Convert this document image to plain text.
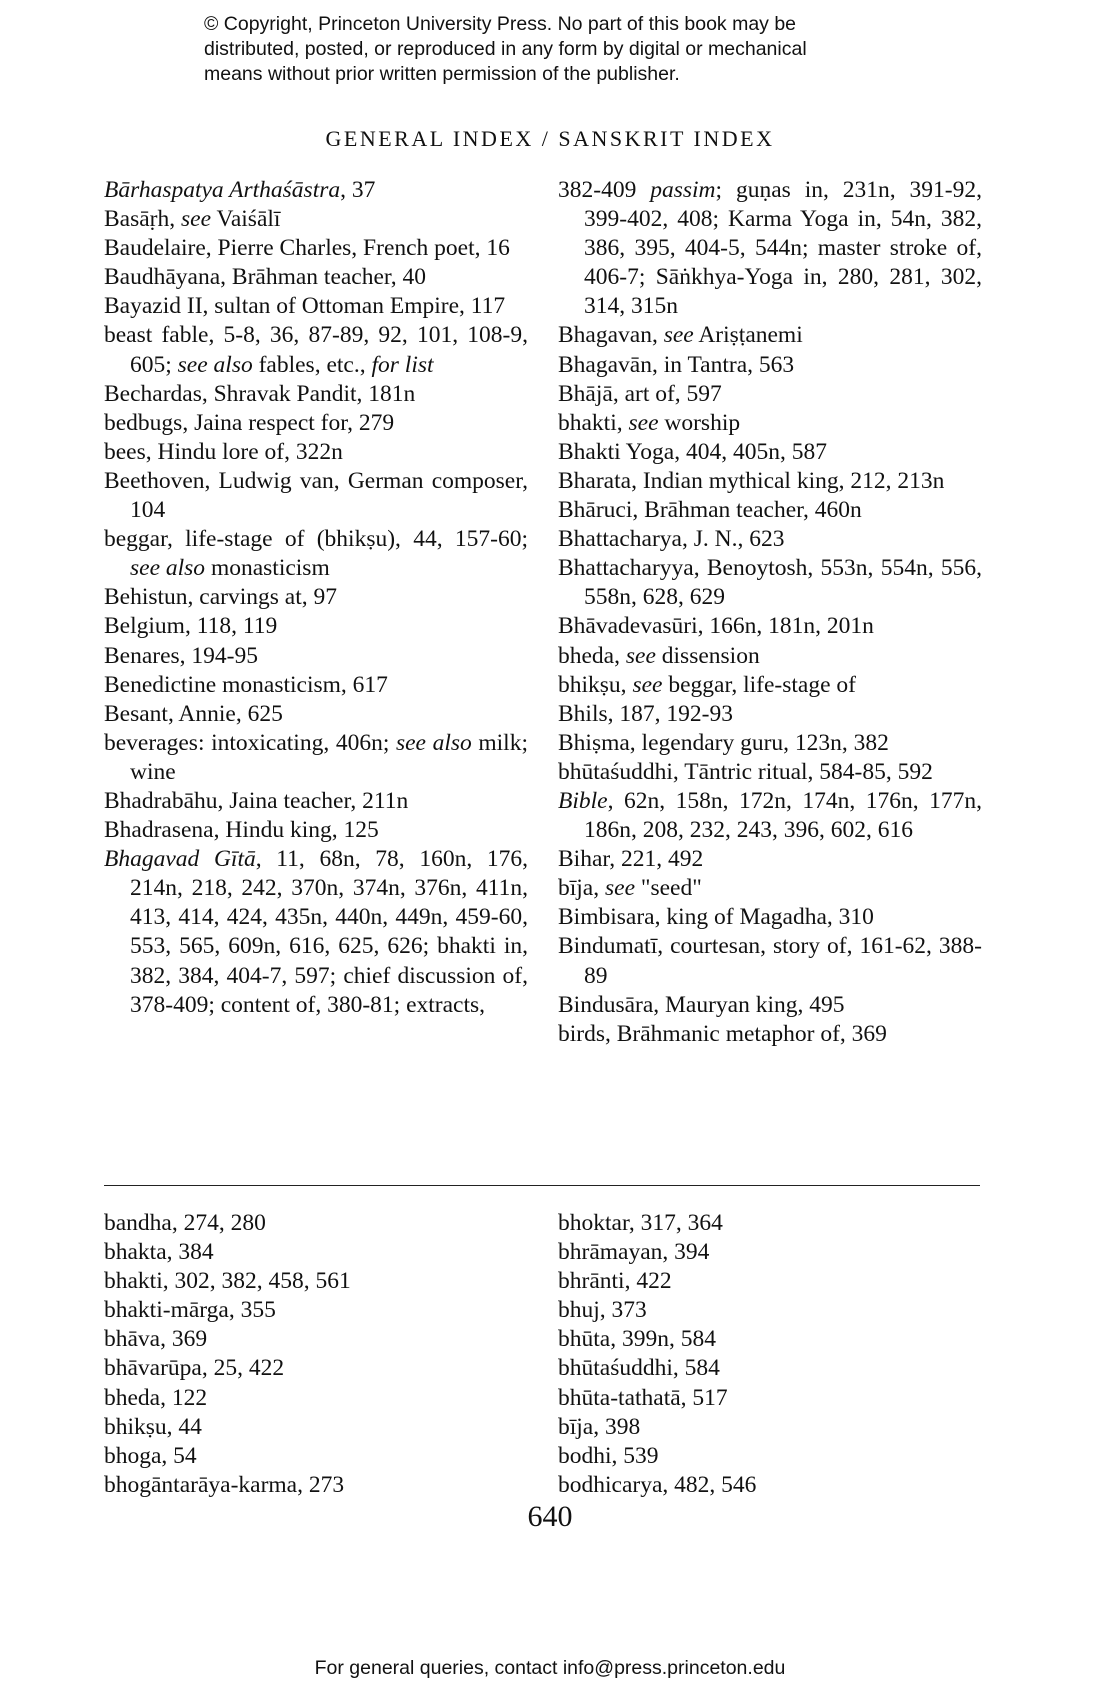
© Copyright, Princeton University Press. No part of this book may be
distributed, posted, or reproduced in any form by digital or mechanical
means without prior written permission of the publisher.
GENERAL INDEX / SANSKRIT INDEX
Bārhaspatya Arthaśāstra, 37
Basāṛh, see Vaiśālī
Baudelaire, Pierre Charles, French poet, 16
Baudhāyana, Brāhman teacher, 40
Bayazid II, sultan of Ottoman Empire, 117
beast fable, 5-8, 36, 87-89, 92, 101, 108-9, 605; see also fables, etc., for list
Bechardas, Shravak Pandit, 181n
bedbugs, Jaina respect for, 279
bees, Hindu lore of, 322n
Beethoven, Ludwig van, German composer, 104
beggar, life-stage of (bhikṣu), 44, 157-60; see also monasticism
Behistun, carvings at, 97
Belgium, 118, 119
Benares, 194-95
Benedictine monasticism, 617
Besant, Annie, 625
beverages: intoxicating, 406n; see also milk; wine
Bhadrabāhu, Jaina teacher, 211n
Bhadrasena, Hindu king, 125
Bhagavad Gītā, 11, 68n, 78, 160n, 176, 214n, 218, 242, 370n, 374n, 376n, 411n, 413, 414, 424, 435n, 440n, 449n, 459-60, 553, 565, 609n, 616, 625, 626; bhakti in, 382, 384, 404-7, 597; chief discussion of, 378-409; content of, 380-81; extracts,
382-409 passim; guṇas in, 231n, 391-92, 399-402, 408; Karma Yoga in, 54n, 382, 386, 395, 404-5, 544n; master stroke of, 406-7; Sāṅkhya-Yoga in, 280, 281, 302, 314, 315n
Bhagavan, see Ariṣṭanemi
Bhagavān, in Tantra, 563
Bhājā, art of, 597
bhakti, see worship
Bhakti Yoga, 404, 405n, 587
Bharata, Indian mythical king, 212, 213n
Bhāruci, Brāhman teacher, 460n
Bhattacharya, J. N., 623
Bhattacharyya, Benoytosh, 553n, 554n, 556, 558n, 628, 629
Bhāvadevasūri, 166n, 181n, 201n
bheda, see dissension
bhikṣu, see beggar, life-stage of
Bhils, 187, 192-93
Bhiṣma, legendary guru, 123n, 382
bhūtaśuddhi, Tāntric ritual, 584-85, 592
Bible, 62n, 158n, 172n, 174n, 176n, 177n, 186n, 208, 232, 243, 396, 602, 616
Bihar, 221, 492
bīja, see "seed"
Bimbisara, king of Magadha, 310
Bindumatī, courtesan, story of, 161-62, 388-89
Bindusāra, Mauryan king, 495
birds, Brāhmanic metaphor of, 369
bandha, 274, 280
bhakta, 384
bhakti, 302, 382, 458, 561
bhakti-mārga, 355
bhāva, 369
bhāvarūpa, 25, 422
bheda, 122
bhikṣu, 44
bhoga, 54
bhogāntarāya-karma, 273
bhoktar, 317, 364
bhrāmayan, 394
bhrānti, 422
bhuj, 373
bhūta, 399n, 584
bhūtaśuddhi, 584
bhūta-tathatā, 517
bīja, 398
bodhi, 539
bodhicarya, 482, 546
640
For general queries, contact info@press.princeton.edu
